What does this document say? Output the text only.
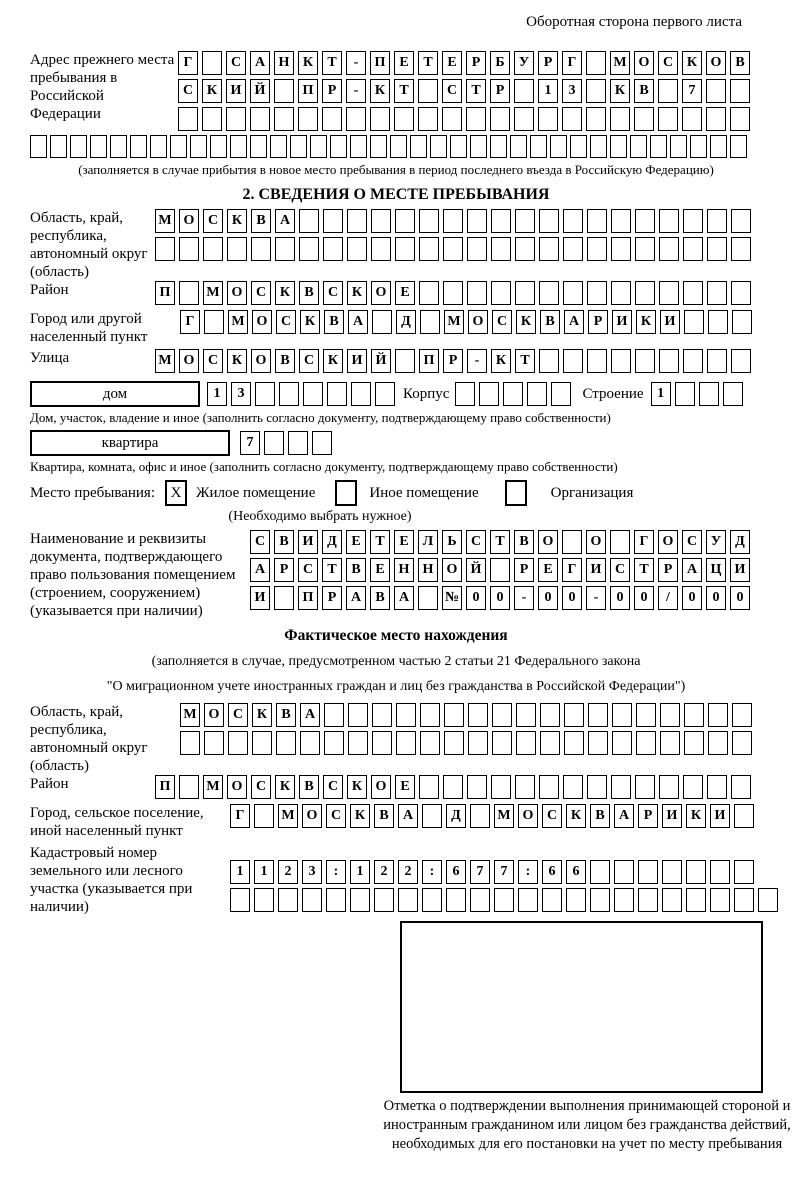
Оборотная сторона первого листа
Адрес прежнего места пребывания в Российской Федерации
Г	С А Н К	Т	-	П Е	Т	Е	Р	Б	У	Р	Г	М О С К О В
С К И Й	П	Р	-	К	Т	С	Т	Р	1	3	К	В	7
(заполняется в случае прибытия в новое место пребывания в период последнего въезда в Российскую Федерацию)
2. СВЕДЕНИЯ О МЕСТЕ ПРЕБЫВАНИЯ
Область, край, республика, автономный округ (область)
М О С К	В	А
Район	П	М О С К	В	С К О Е
Город или другой населенный пункт
Г	М О С К	В	А	Д	М О С К	В	А	Р	И К И
Улица	М О С К О В	С К И Й	П	Р	-	К	Т
дом	1	3	Корпус	Строение 1
Дом, участок, владение и иное (заполнить согласно документу, подтверждающему право собственности)
квартира	7
Квартира, комната, офис и иное (заполнить согласно документу, подтверждающему право собственности)
Место пребывания:	X Жилое помещение	Иное помещение	Организация
(Необходимо выбрать нужное)
Наименование и реквизиты документа, подтверждающего право пользования помещением (строением, сооружением) (указывается при наличии)
С	В И Д	Е	Т	Е	Л	Ь	С	Т	В О	О	Г	О С У	Д
А	Р	С	Т	В	Е Н Н О Й	Р	Е	Г	И С	Т	Р	А Ц И
И	П	Р	А	В	А	№ 0	0	-	0	0	-	0	0	/	0	0	0
Фактическое место нахождения
(заполняется в случае, предусмотренном частью 2 статьи 21 Федерального закона
"О миграционном учете иностранных граждан и лиц без гражданства в Российской Федерации")
Область, край, республика, автономный округ (область)
М О С К	В	А
Район	П	М О С К	В	С К О Е
Город, сельское поселение, иной населенный пункт
Г	М О С К	В	А	Д	М О С К	В	А	Р	И К И
Кадастровый номер земельного или лесного участка (указывается при наличии)
1	1	2	3	:	1	2	2	:	6	7	7	:	6	6
Отметка о подтверждении выполнения принимающей стороной и иностранным гражданином или лицом без гражданства действий, необходимых для его постановки на учет по месту пребывания
